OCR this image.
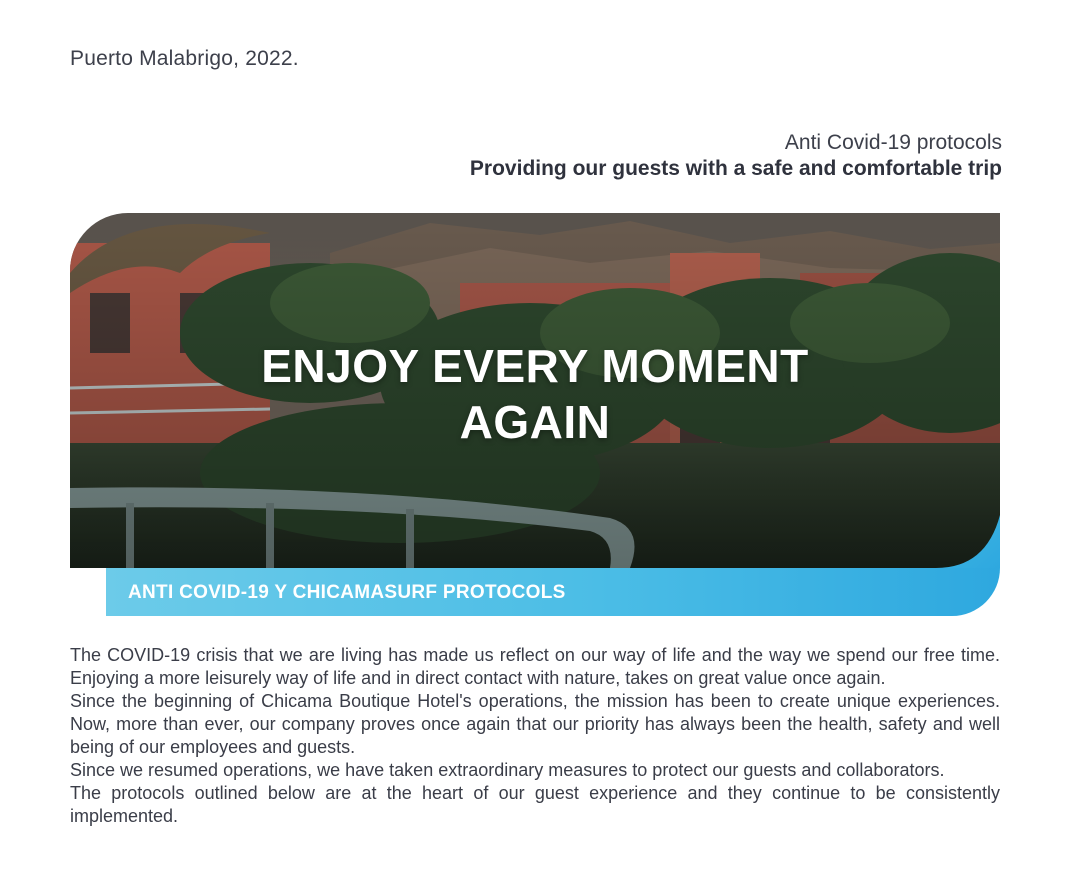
Puerto Malabrigo, 2022.
Anti Covid-19 protocols
Providing our guests with a safe and comfortable trip
ENJOY EVERY MOMENT
AGAIN
ANTI COVID-19 Y CHICAMASURF PROTOCOLS

The COVID-19 crisis that we are living has made us reflect on our way of life and the way we spend our free time. Enjoying a more leisurely way of life and in direct contact with nature, takes on great value once again.

Since the beginning of Chicama Boutique Hotel's operations, the mission has been to create unique experiences. Now, more than ever, our company proves once again that our priority has always been the health, safety and well being of our employees and guests.

Since we resumed operations, we have taken extraordinary measures to protect our guests and collaborators.

The protocols outlined below are at the heart of our guest experience and they continue to be consistently implemented.
